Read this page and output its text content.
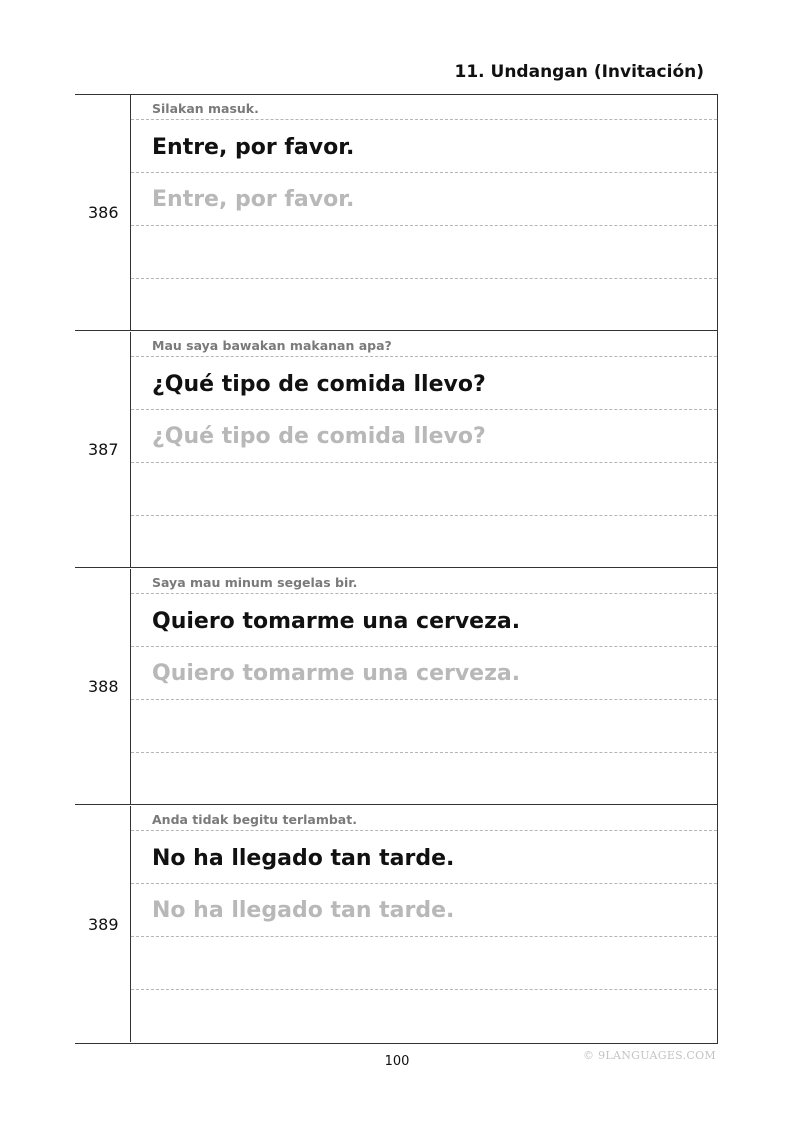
11. Undangan (Invitación)
386
Silakan masuk.
Entre, por favor.
Entre, por favor.
387
Mau saya bawakan makanan apa?
¿Qué tipo de comida llevo?
¿Qué tipo de comida llevo?
388
Saya mau minum segelas bir.
Quiero tomarme una cerveza.
Quiero tomarme una cerveza.
389
Anda tidak begitu terlambat.
No ha llegado tan tarde.
No ha llegado tan tarde.
100	© 9LANGUAGES.COM
